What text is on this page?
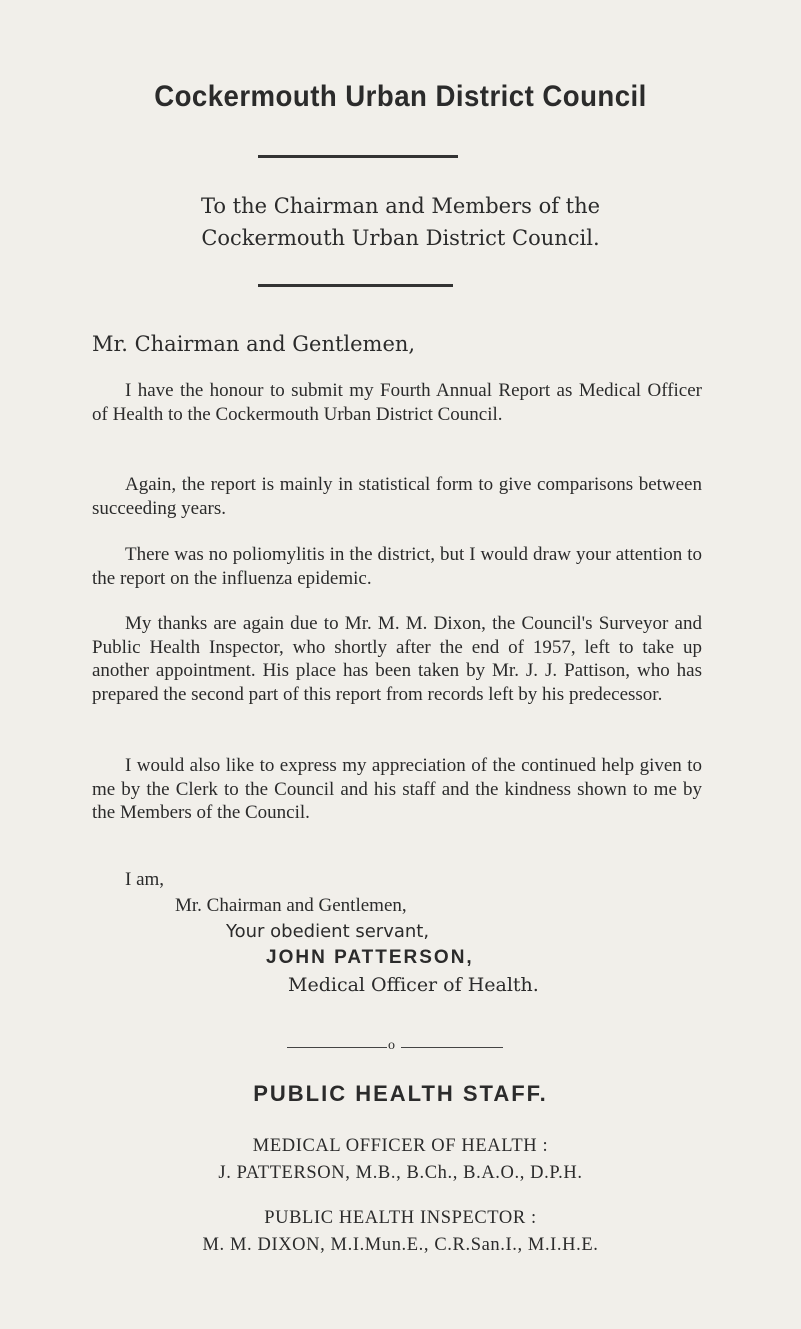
Cockermouth Urban District Council
To the Chairman and Members of the
Cockermouth Urban District Council.
Mr. Chairman and Gentlemen,
I have the honour to submit my Fourth Annual Report as Medical Officer of Health to the Cockermouth Urban District Council.
Again, the report is mainly in statistical form to give comparisons between succeeding years.
There was no poliomylitis in the district, but I would draw your attention to the report on the influenza epidemic.
My thanks are again due to Mr. M. M. Dixon, the Council's Surveyor and Public Health Inspector, who shortly after the end of 1957, left to take up another appointment. His place has been taken by Mr. J. J. Pattison, who has prepared the second part of this report from records left by his predecessor.
I would also like to express my appreciation of the continued help given to me by the Clerk to the Council and his staff and the kindness shown to me by the Members of the Council.
I am,
Mr. Chairman and Gentlemen,
Your obedient servant,
JOHN PATTERSON,
Medical Officer of Health.
o
PUBLIC HEALTH STAFF.
MEDICAL OFFICER OF HEALTH :
J. PATTERSON, M.B., B.Ch., B.A.O., D.P.H.
PUBLIC HEALTH INSPECTOR :
M. M. DIXON, M.I.Mun.E., C.R.San.I., M.I.H.E.
